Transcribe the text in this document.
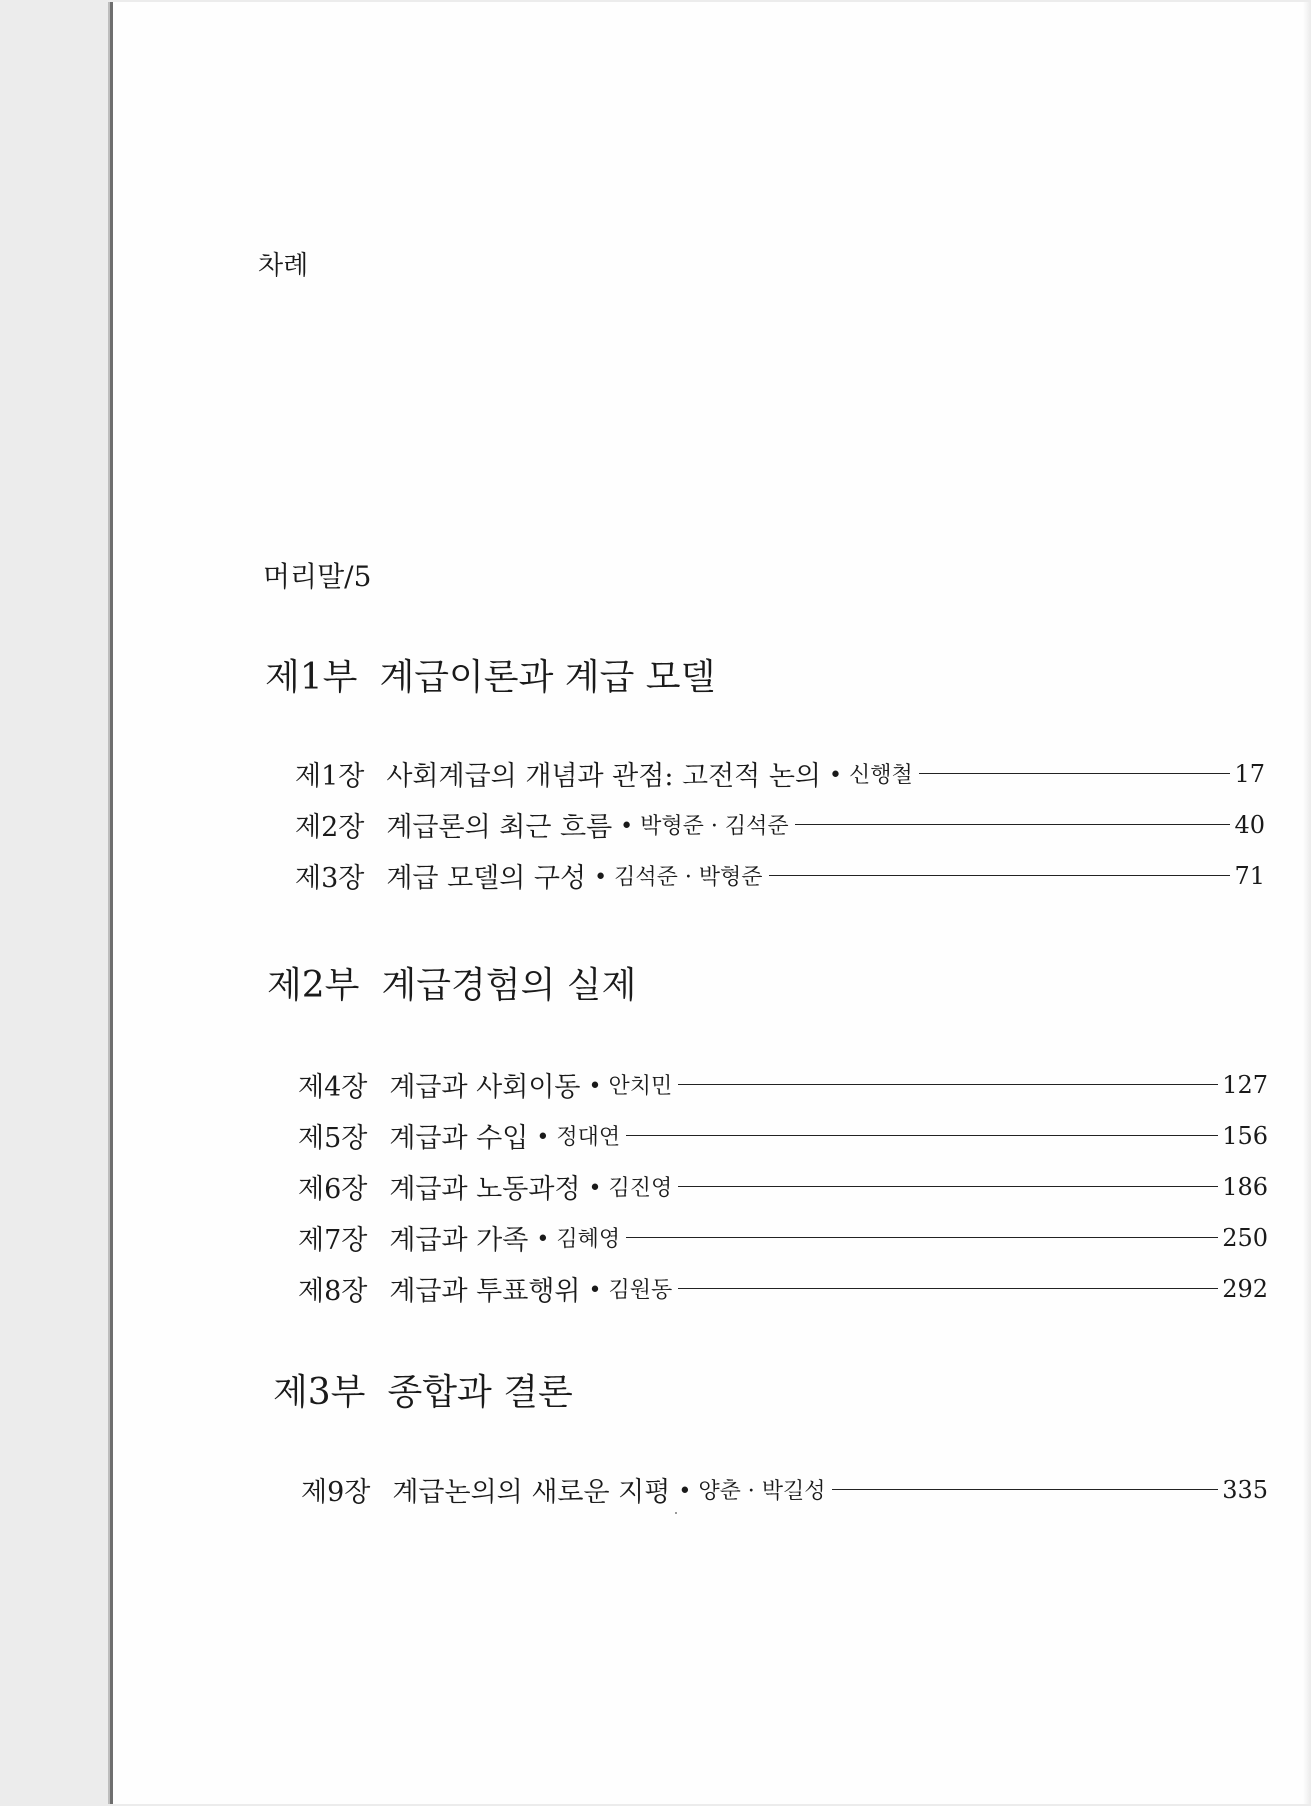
차례
머리말/5
제1부 계급이론과 계급 모델
제1장 사회계급의 개념과 관점: 고전적 논의 • 신행철	17
제2장 계급론의 최근 흐름 • 박형준 · 김석준	40
제3장 계급 모델의 구성 • 김석준 · 박형준	71
제2부 계급경험의 실제
제4장 계급과 사회이동 • 안치민	127
제5장 계급과 수입 • 정대연	156
제6장 계급과 노동과정 • 김진영	186
제7장 계급과 가족 • 김혜영	250
제8장 계급과 투표행위 • 김원동	292
제3부 종합과 결론
제9장 계급논의의 새로운 지평 • 양춘 · 박길성	335
